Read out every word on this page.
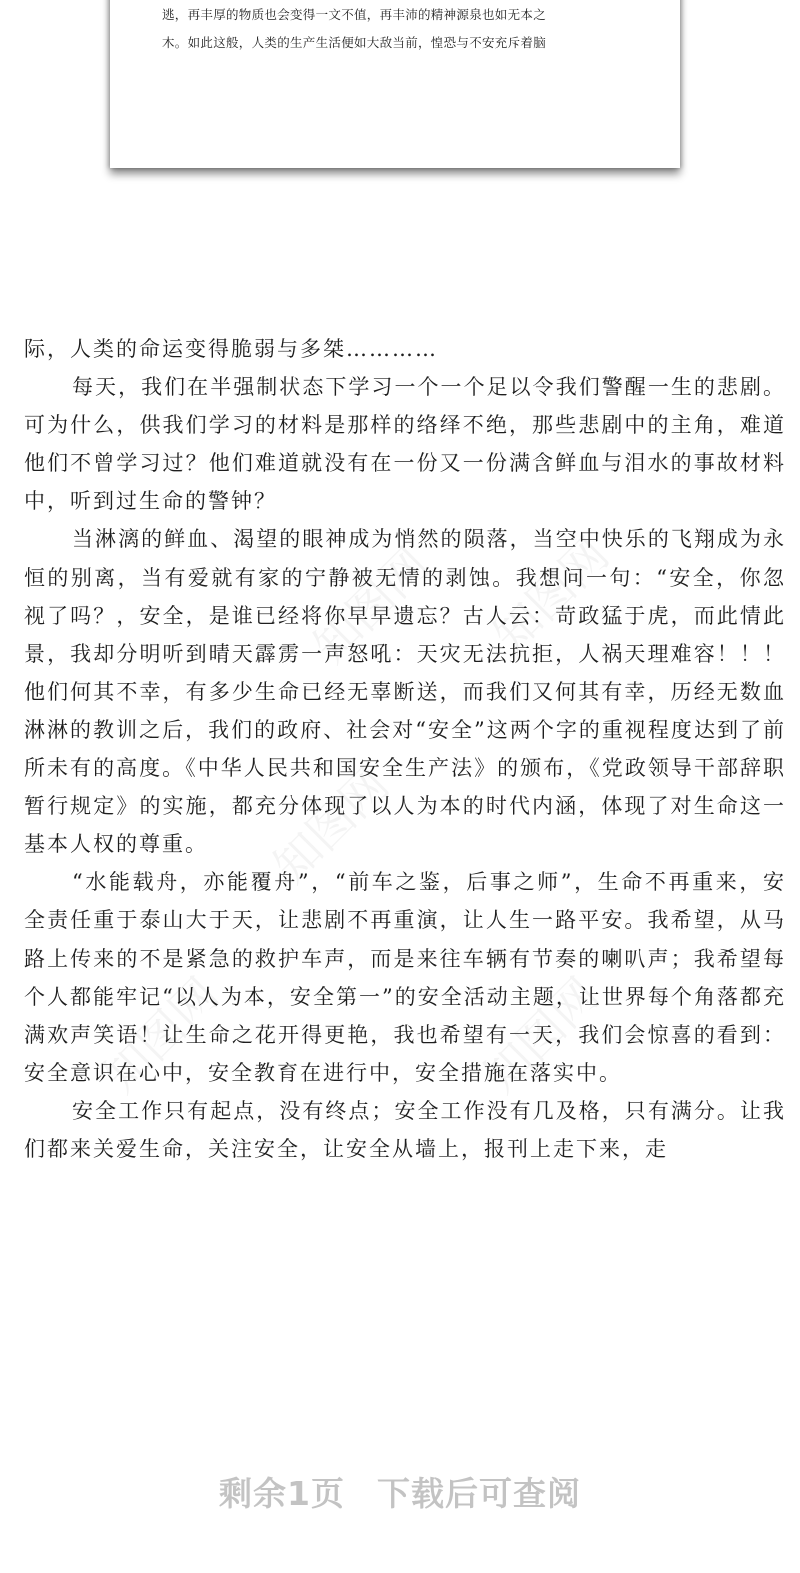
逃，再丰厚的物质也会变得一文不值，再丰沛的精神源泉也如无本之
木。如此这般，人类的生产生活便如大敌当前，惶恐与不安充斥着脑
知图网 知图网
知图网
知图网	知图网

际，人类的命运变得脆弱与多桀…………

每天，我们在半强制状态下学习一个一个足以令我们警醒一生的悲剧。可为什么，供我们学习的材料是那样的络绎不绝，那些悲剧中的主角，难道他们不曾学习过？他们难道就没有在一份又一份满含鲜血与泪水的事故材料中，听到过生命的警钟？

当淋漓的鲜血、渴望的眼神成为悄然的陨落，当空中快乐的飞翔成为永恒的别离，当有爱就有家的宁静被无情的剥蚀。我想问一句：“安全，你忽视了吗？，安全，是谁已经将你早早遗忘？古人云：苛政猛于虎，而此情此景，我却分明听到晴天霹雳一声怒吼：天灾无法抗拒，人祸天理难容！！！他们何其不幸，有多少生命已经无辜断送，而我们又何其有幸，历经无数血淋淋的教训之后，我们的政府、社会对“安全”这两个字的重视程度达到了前所未有的高度。《中华人民共和国安全生产法》的颁布，《党政领导干部辞职暂行规定》的实施，都充分体现了以人为本的时代内涵，体现了对生命这一基本人权的尊重。

“水能载舟，亦能覆舟”，“前车之鉴，后事之师”，生命不再重来，安全责任重于泰山大于天，让悲剧不再重演，让人生一路平安。我希望，从马路上传来的不是紧急的救护车声，而是来往车辆有节奏的喇叭声；我希望每个人都能牢记“以人为本，安全第一”的安全活动主题，让世界每个角落都充满欢声笑语！让生命之花开得更艳，我也希望有一天，我们会惊喜的看到：安全意识在心中，安全教育在进行中，安全措施在落实中。

安全工作只有起点，没有终点；安全工作没有几及格，只有满分。让我们都来关爱生命，关注安全，让安全从墙上，报刊上走下来，走

剩余1页 下载后可查阅
